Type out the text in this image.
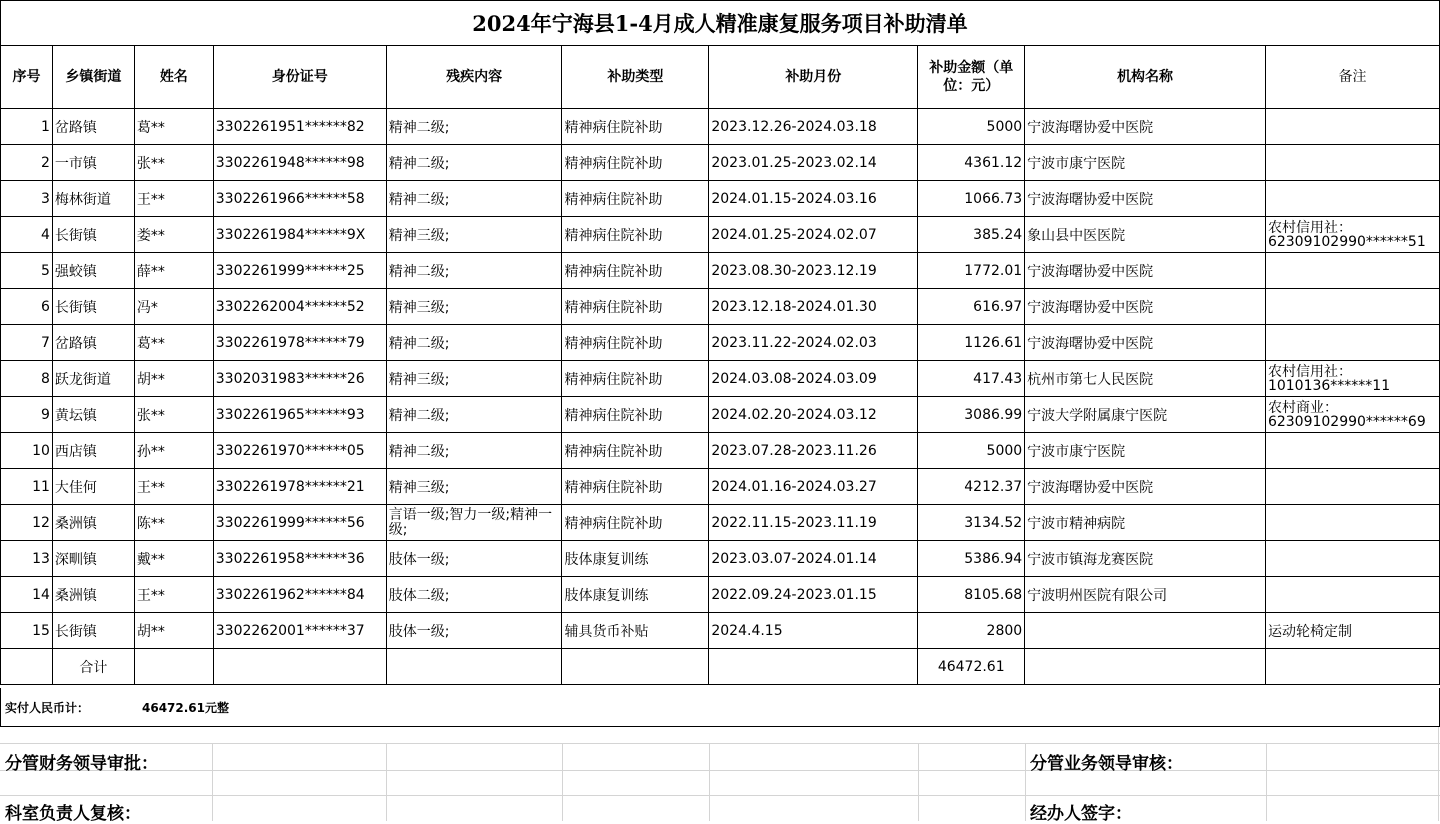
2024年宁海县1-4月成人精准康复服务项目补助清单
序号	乡镇街道	姓名	身份证号	残疾内容	补助类型	补助月份	补助金额（单位：元）	机构名称	备注
1	岔路镇	葛**	3302261951******82	精神二级;	精神病住院补助	2023.12.26-2024.03.18	5000	宁波海曙协爱中医院	
2	一市镇	张**	3302261948******98	精神二级;	精神病住院补助	2023.01.25-2023.02.14	4361.12	宁波市康宁医院	
3	梅林街道	王**	3302261966******58	精神二级;	精神病住院补助	2024.01.15-2024.03.16	1066.73	宁波海曙协爱中医院	
4	长街镇	娄**	3302261984******9X	精神三级;	精神病住院补助	2024.01.25-2024.02.07	385.24	象山县中医医院	农村信用社：62309102990******51
5	强蛟镇	薛**	3302261999******25	精神二级;	精神病住院补助	2023.08.30-2023.12.19	1772.01	宁波海曙协爱中医院	
6	长街镇	冯*	3302262004******52	精神三级;	精神病住院补助	2023.12.18-2024.01.30	616.97	宁波海曙协爱中医院	
7	岔路镇	葛**	3302261978******79	精神二级;	精神病住院补助	2023.11.22-2024.02.03	1126.61	宁波海曙协爱中医院	
8	跃龙街道	胡**	3302031983******26	精神三级;	精神病住院补助	2024.03.08-2024.03.09	417.43	杭州市第七人民医院	农村信用社：1010136******11
9	黄坛镇	张**	3302261965******93	精神二级;	精神病住院补助	2024.02.20-2024.03.12	3086.99	宁波大学附属康宁医院	农村商业：62309102990******69
10	西店镇	孙**	3302261970******05	精神二级;	精神病住院补助	2023.07.28-2023.11.26	5000	宁波市康宁医院	
11	大佳何	王**	3302261978******21	精神三级;	精神病住院补助	2024.01.16-2024.03.27	4212.37	宁波海曙协爱中医院	
12	桑洲镇	陈**	3302261999******56	言语一级;智力一级;精神一级;	精神病住院补助	2022.11.15-2023.11.19	3134.52	宁波市精神病院	
13	深甽镇	戴**	3302261958******36	肢体一级;	肢体康复训练	2023.03.07-2024.01.14	5386.94	宁波市镇海龙赛医院	
14	桑洲镇	王**	3302261962******84	肢体二级;	肢体康复训练	2022.09.24-2023.01.15	8105.68	宁波明州医院有限公司	
15	长街镇	胡**	3302262001******37	肢体一级;	辅具货币补贴	2024.4.15	2800		运动轮椅定制
	合计						46472.61		
实付人民币计：	46472.61元整
分管财务领导审批：	分管业务领导审核：
科室负责人复核：	经办人签字：
